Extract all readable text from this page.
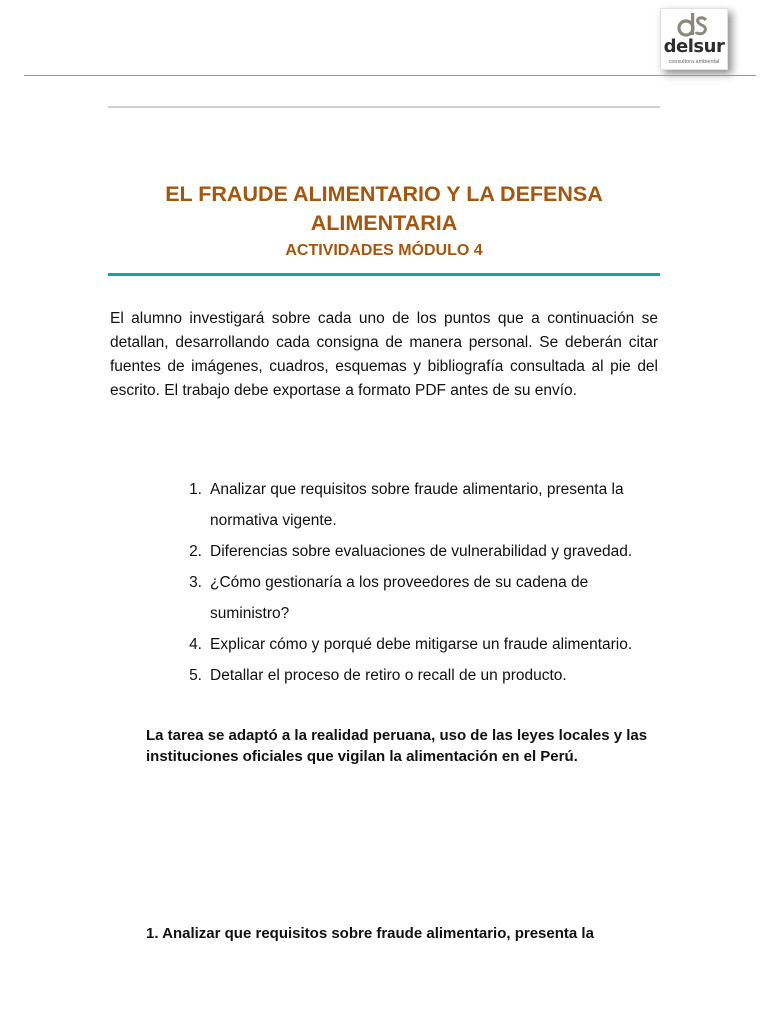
delsur
consultora ambiental
EL FRAUDE ALIMENTARIO Y LA DEFENSA ALIMENTARIA
ACTIVIDADES MÓDULO 4

El alumno investigará sobre cada uno de los puntos que a continuación se detallan, desarrollando cada consigna de manera personal. Se deberán citar fuentes de imágenes, cuadros, esquemas y bibliografía consultada al pie del escrito. El trabajo debe exportase a formato PDF antes de su envío.

1. Analizar que requisitos sobre fraude alimentario, presenta la normativa vigente.
2. Diferencias sobre evaluaciones de vulnerabilidad y gravedad.
3. ¿Cómo gestionaría a los proveedores de su cadena de suministro?
4. Explicar cómo y porqué debe mitigarse un fraude alimentario.
5. Detallar el proceso de retiro o recall de un producto.

La tarea se adaptó a la realidad peruana, uso de las leyes locales y las instituciones oficiales que vigilan la alimentación en el Perú.

1. Analizar que requisitos sobre fraude alimentario, presenta la
